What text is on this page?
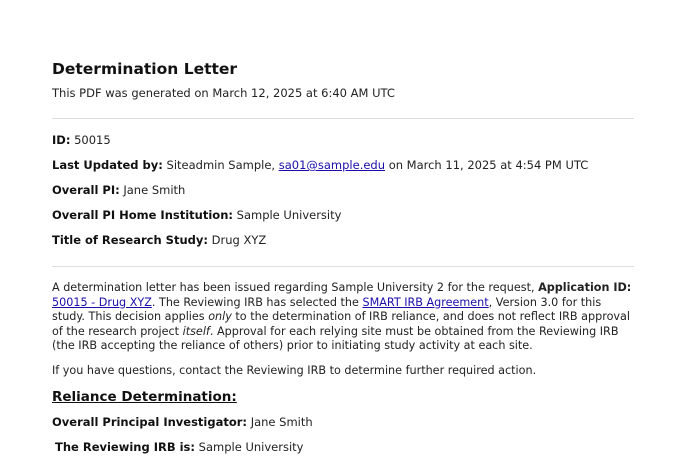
Determination Letter

This PDF was generated on March 12, 2025 at 6:40 AM UTC

ID: 50015

Last Updated by: Siteadmin Sample, sa01@sample.edu on March 11, 2025 at 4:54 PM UTC

Overall PI: Jane Smith

Overall PI Home Institution: Sample University

Title of Research Study: Drug XYZ

A determination letter has been issued regarding Sample University 2 for the request, Application ID: 50015 - Drug XYZ. The Reviewing IRB has selected the SMART IRB Agreement, Version 3.0 for this study. This decision applies only to the determination of IRB reliance, and does not reflect IRB approval of the research project itself. Approval for each relying site must be obtained from the Reviewing IRB (the IRB accepting the reliance of others) prior to initiating study activity at each site.

If you have questions, contact the Reviewing IRB to determine further required action.

Reliance Determination:

Overall Principal Investigator: Jane Smith

The Reviewing IRB is: Sample University
